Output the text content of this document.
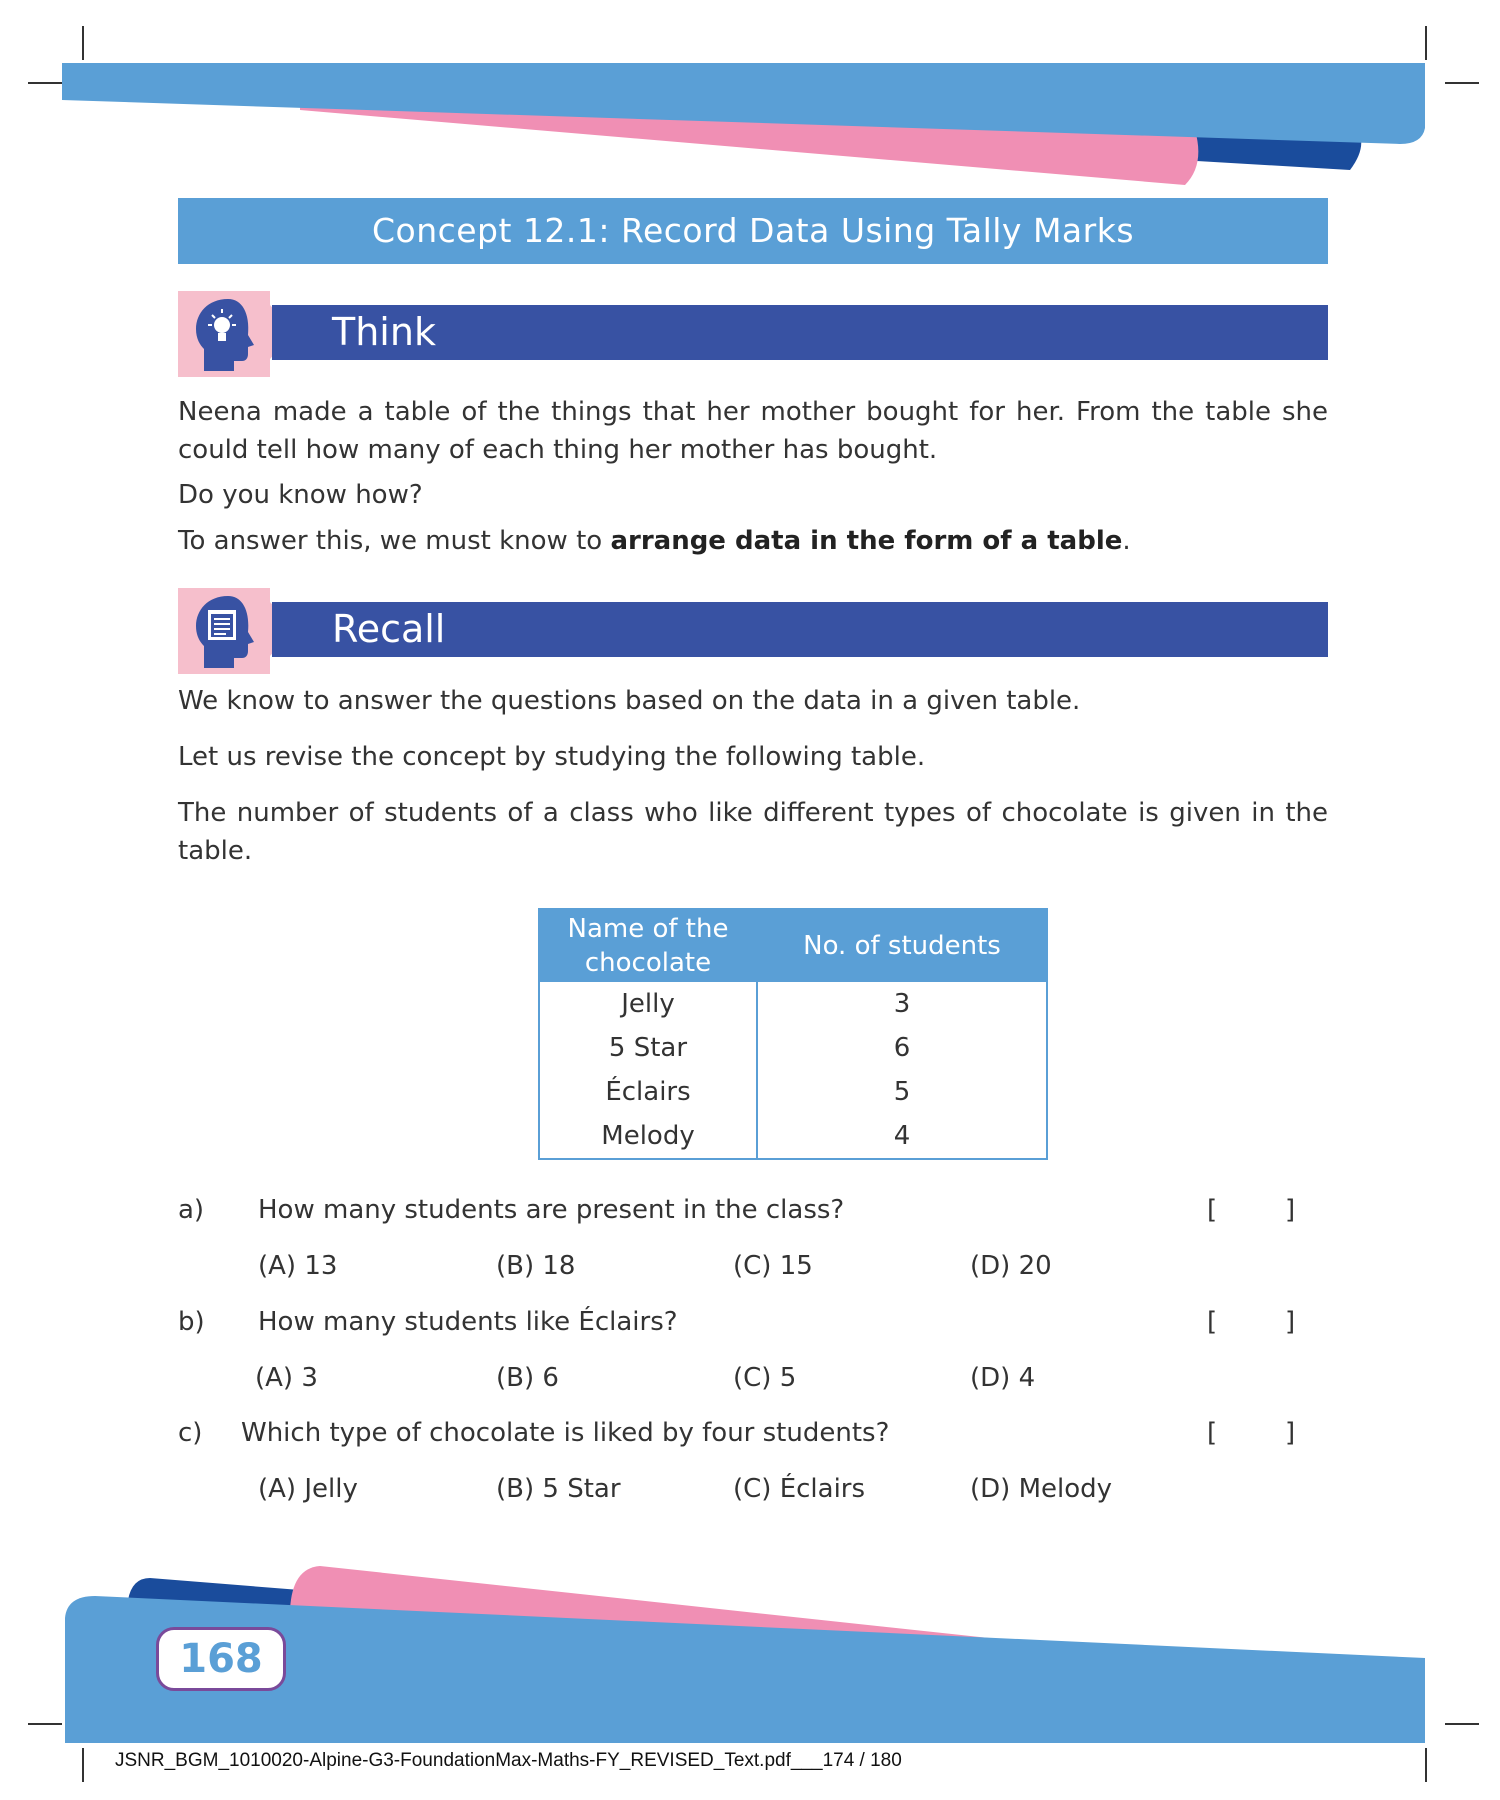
Concept 12.1: Record Data Using Tally Marks
Think
Neena made a table of the things that her mother bought for her. From the table she could tell how many of each thing her mother has bought.
Do you know how?
To answer this, we must know to arrange data in the form of a table.
Recall
We know to answer the questions based on the data in a given table.
Let us revise the concept by studying the following table.
The number of students of a class who like different types of chocolate is given in the table.
Name of the chocolate	No. of students
Jelly	3
5 Star	6
Éclairs	5
Melody	4
a) How many students are present in the class?	[	]
(A) 13	(B) 18	(C) 15	(D) 20
b) How many students like Éclairs?	[	]
(A) 3	(B) 6	(C) 5	(D) 4
c) Which type of chocolate is liked by four students?	[	]
(A) Jelly	(B) 5 Star	(C) Éclairs	(D) Melody
168
JSNR_BGM_1010020-Alpine-G3-FoundationMax-Maths-FY_REVISED_Text.pdf___174 / 180
